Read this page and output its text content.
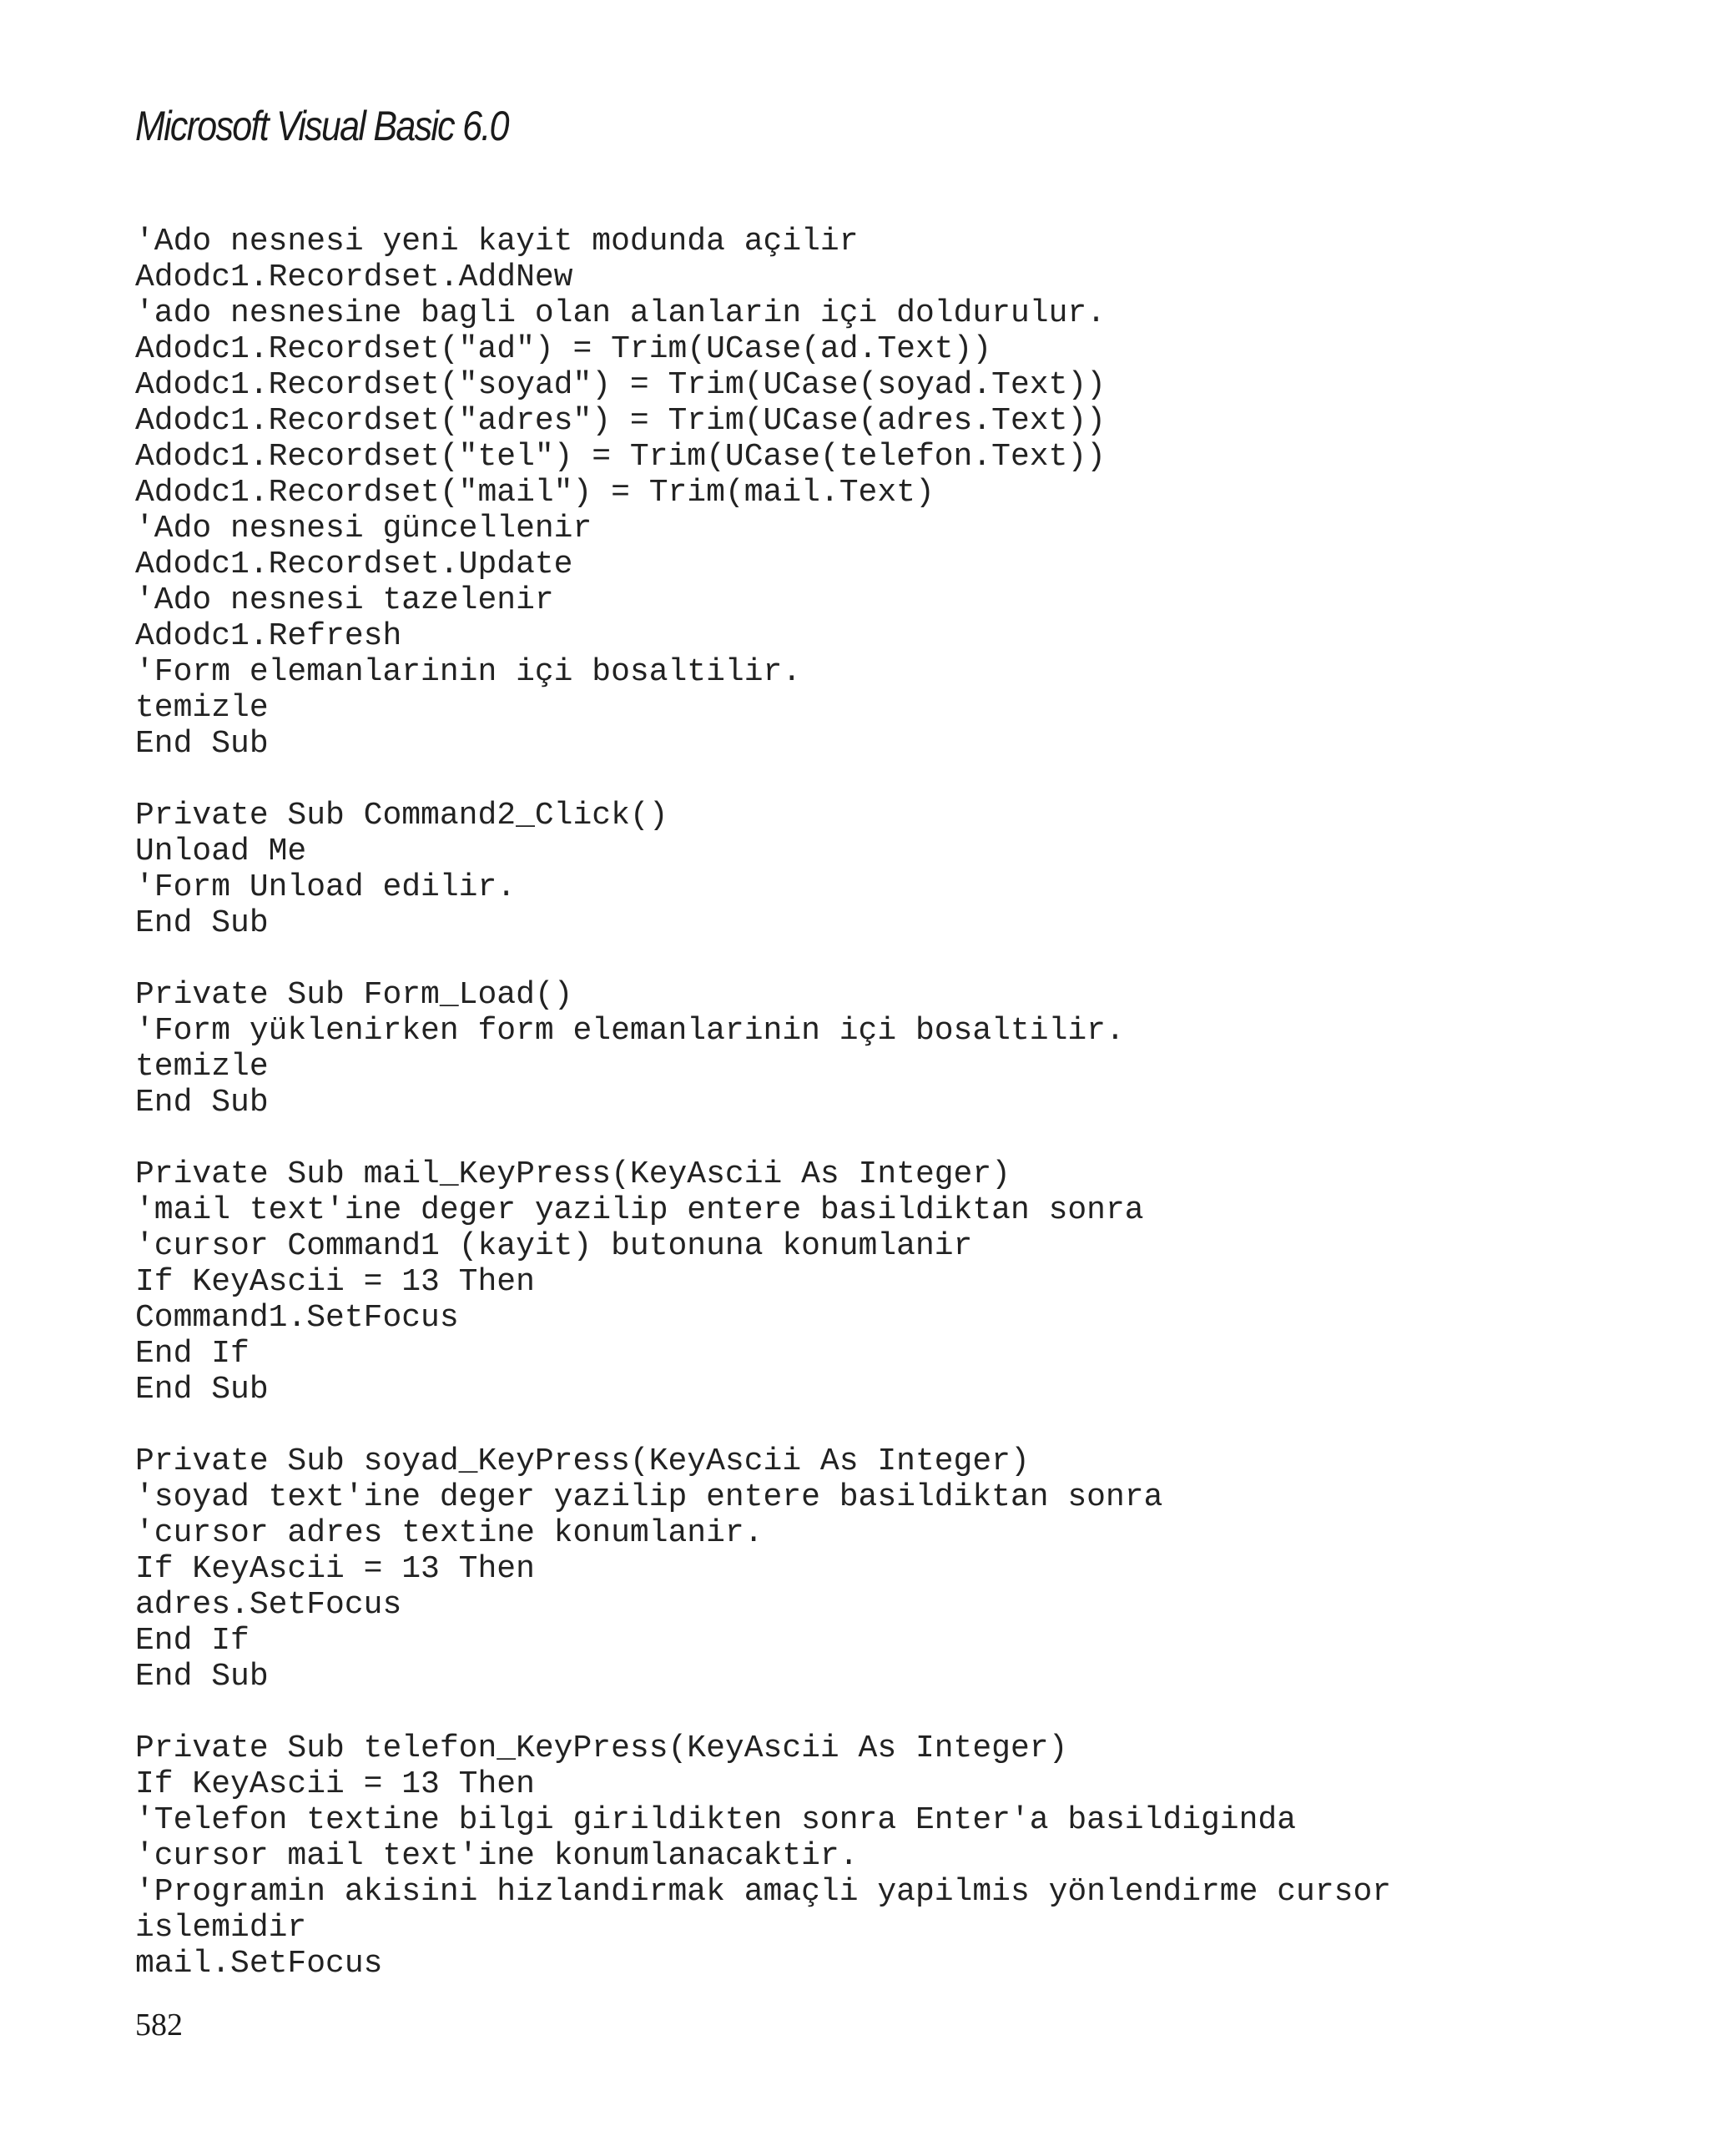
Microsoft Visual Basic 6.0
'Ado nesnesi yeni kayit modunda açilir
Adodc1.Recordset.AddNew
'ado nesnesine bagli olan alanlarin içi doldurulur.
Adodc1.Recordset("ad") = Trim(UCase(ad.Text))
Adodc1.Recordset("soyad") = Trim(UCase(soyad.Text))
Adodc1.Recordset("adres") = Trim(UCase(adres.Text))
Adodc1.Recordset("tel") = Trim(UCase(telefon.Text))
Adodc1.Recordset("mail") = Trim(mail.Text)
'Ado nesnesi güncellenir
Adodc1.Recordset.Update
'Ado nesnesi tazelenir
Adodc1.Refresh
'Form elemanlarinin içi bosaltilir.
temizle
End Sub
Private Sub Command2_Click()
Unload Me
'Form Unload edilir.
End Sub
Private Sub Form_Load()
'Form yüklenirken form elemanlarinin içi bosaltilir.
temizle
End Sub
Private Sub mail_KeyPress(KeyAscii As Integer)
'mail text'ine deger yazilip entere basildiktan sonra
'cursor Command1 (kayit) butonuna konumlanir
If KeyAscii = 13 Then
Command1.SetFocus
End If
End Sub
Private Sub soyad_KeyPress(KeyAscii As Integer)
'soyad text'ine deger yazilip entere basildiktan sonra
'cursor adres textine konumlanir.
If KeyAscii = 13 Then
adres.SetFocus
End If
End Sub
Private Sub telefon_KeyPress(KeyAscii As Integer)
If KeyAscii = 13 Then
'Telefon textine bilgi girildikten sonra Enter'a basildiginda
'cursor mail text'ine konumlanacaktir.
'Programin akisini hizlandirmak amaçli yapilmis yönlendirme cursor
islemidir
mail.SetFocus
582
